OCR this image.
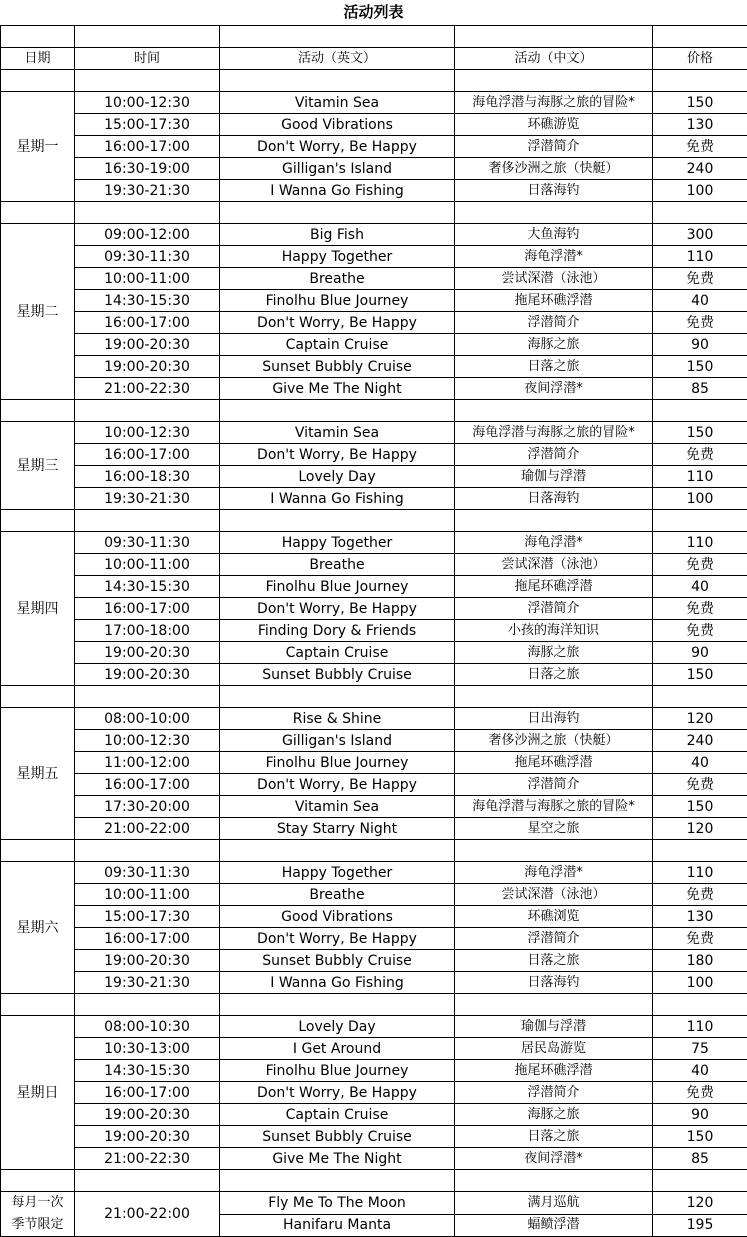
活动列表

日期	时间	活动（英文）	活动（中文）	价格

星期一	10:00-12:30	Vitamin Sea	海龟浮潜与海豚之旅的冒险*	150
	15:00-17:30	Good Vibrations	环礁游览	130
	16:00-17:00	Don't Worry, Be Happy	浮潜简介	免费
	16:30-19:00	Gilligan's Island	奢侈沙洲之旅（快艇）	240
	19:30-21:30	I Wanna Go Fishing	日落海钓	100

星期二	09:00-12:00	Big Fish	大鱼海钓	300
	09:30-11:30	Happy Together	海龟浮潜*	110
	10:00-11:00	Breathe	尝试深潜（泳池）	免费
	14:30-15:30	Finolhu Blue Journey	拖尾环礁浮潜	40
	16:00-17:00	Don't Worry, Be Happy	浮潜简介	免费
	19:00-20:30	Captain Cruise	海豚之旅	90
	19:00-20:30	Sunset Bubbly Cruise	日落之旅	150
	21:00-22:30	Give Me The Night	夜间浮潜*	85

星期三	10:00-12:30	Vitamin Sea	海龟浮潜与海豚之旅的冒险*	150
	16:00-17:00	Don't Worry, Be Happy	浮潜简介	免费
	16:00-18:30	Lovely Day	瑜伽与浮潜	110
	19:30-21:30	I Wanna Go Fishing	日落海钓	100

星期四	09:30-11:30	Happy Together	海龟浮潜*	110
	10:00-11:00	Breathe	尝试深潜（泳池）	免费
	14:30-15:30	Finolhu Blue Journey	拖尾环礁浮潜	40
	16:00-17:00	Don't Worry, Be Happy	浮潜简介	免费
	17:00-18:00	Finding Dory & Friends	小孩的海洋知识	免费
	19:00-20:30	Captain Cruise	海豚之旅	90
	19:00-20:30	Sunset Bubbly Cruise	日落之旅	150

星期五	08:00-10:00	Rise & Shine	日出海钓	120
	10:00-12:30	Gilligan's Island	奢侈沙洲之旅（快艇）	240
	11:00-12:00	Finolhu Blue Journey	拖尾环礁浮潜	40
	16:00-17:00	Don't Worry, Be Happy	浮潜简介	免费
	17:30-20:00	Vitamin Sea	海龟浮潜与海豚之旅的冒险*	150
	21:00-22:00	Stay Starry Night	星空之旅	120

星期六	09:30-11:30	Happy Together	海龟浮潜*	110
	10:00-11:00	Breathe	尝试深潜（泳池）	免费
	15:00-17:30	Good Vibrations	环礁浏览	130
	16:00-17:00	Don't Worry, Be Happy	浮潜简介	免费
	19:00-20:30	Sunset Bubbly Cruise	日落之旅	180
	19:30-21:30	I Wanna Go Fishing	日落海钓	100

星期日	08:00-10:30	Lovely Day	瑜伽与浮潜	110
	10:30-13:00	I Get Around	居民岛游览	75
	14:30-15:30	Finolhu Blue Journey	拖尾环礁浮潜	40
	16:00-17:00	Don't Worry, Be Happy	浮潜简介	免费
	19:00-20:30	Captain Cruise	海豚之旅	90
	19:00-20:30	Sunset Bubbly Cruise	日落之旅	150
	21:00-22:30	Give Me The Night	夜间浮潜*	85

每月一次
季节限定	21:00-22:00	Fly Me To The Moon	满月巡航	120
		Hanifaru Manta	蝠鲼浮潜	195
